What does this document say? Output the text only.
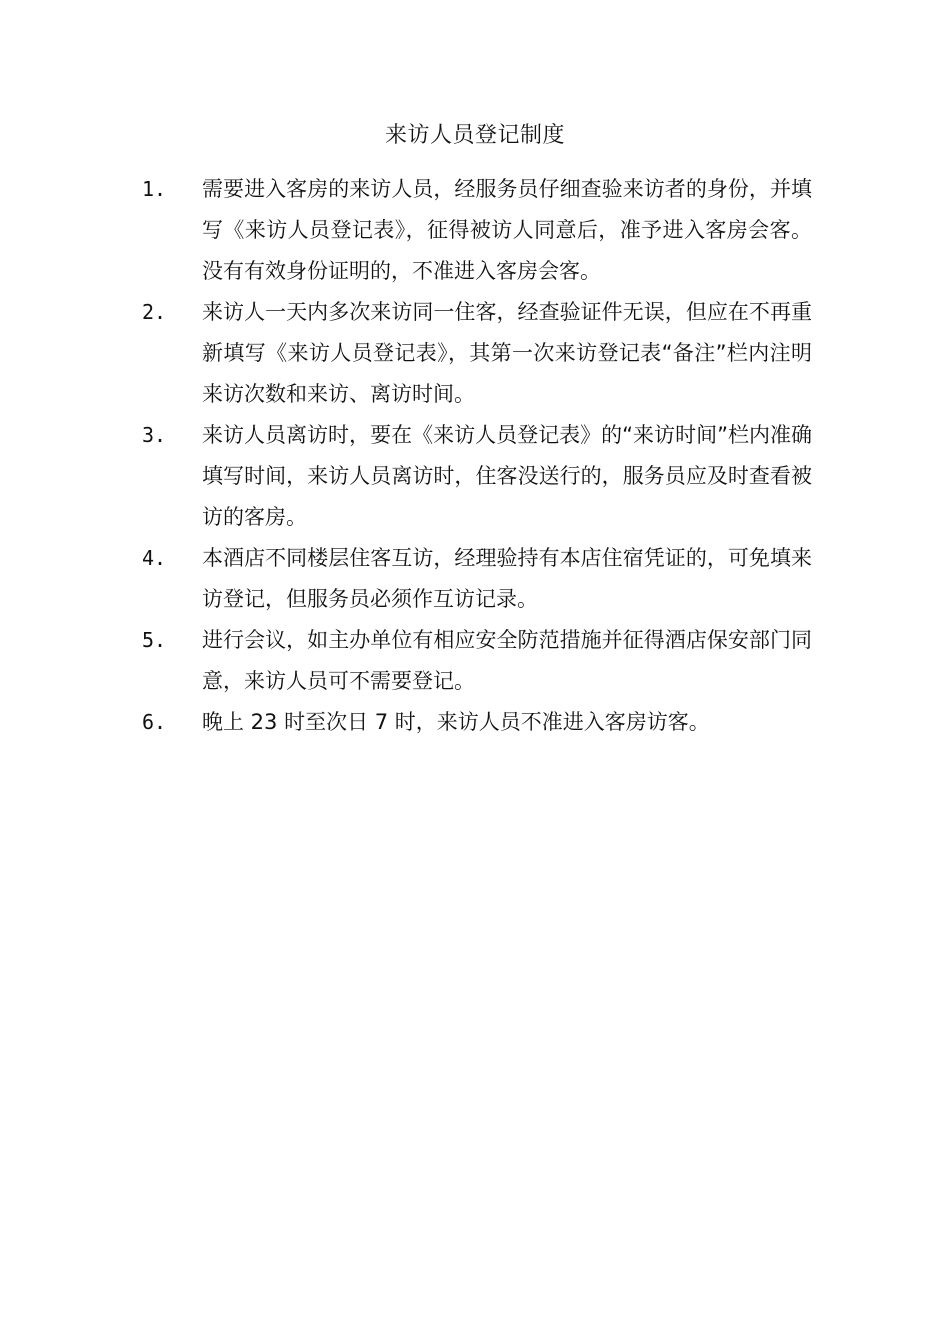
来访人员登记制度
1.	需要进入客房的来访人员，经服务员仔细查验来访者的身份，并填写《来访人员登记表》，征得被访人同意后，准予进入客房会客。没有有效身份证明的，不准进入客房会客。
2.	来访人一天内多次来访同一住客，经查验证件无误，但应在不再重新填写《来访人员登记表》，其第一次来访登记表“备注”栏内注明来访次数和来访、离访时间。
3.	来访人员离访时，要在《来访人员登记表》的“来访时间”栏内准确填写时间，来访人员离访时，住客没送行的，服务员应及时查看被访的客房。
4.	本酒店不同楼层住客互访，经理验持有本店住宿凭证的，可免填来访登记，但服务员必须作互访记录。
5.	进行会议，如主办单位有相应安全防范措施并征得酒店保安部门同意，来访人员可不需要登记。
6.	晚上 23 时至次日 7 时，来访人员不准进入客房访客。
